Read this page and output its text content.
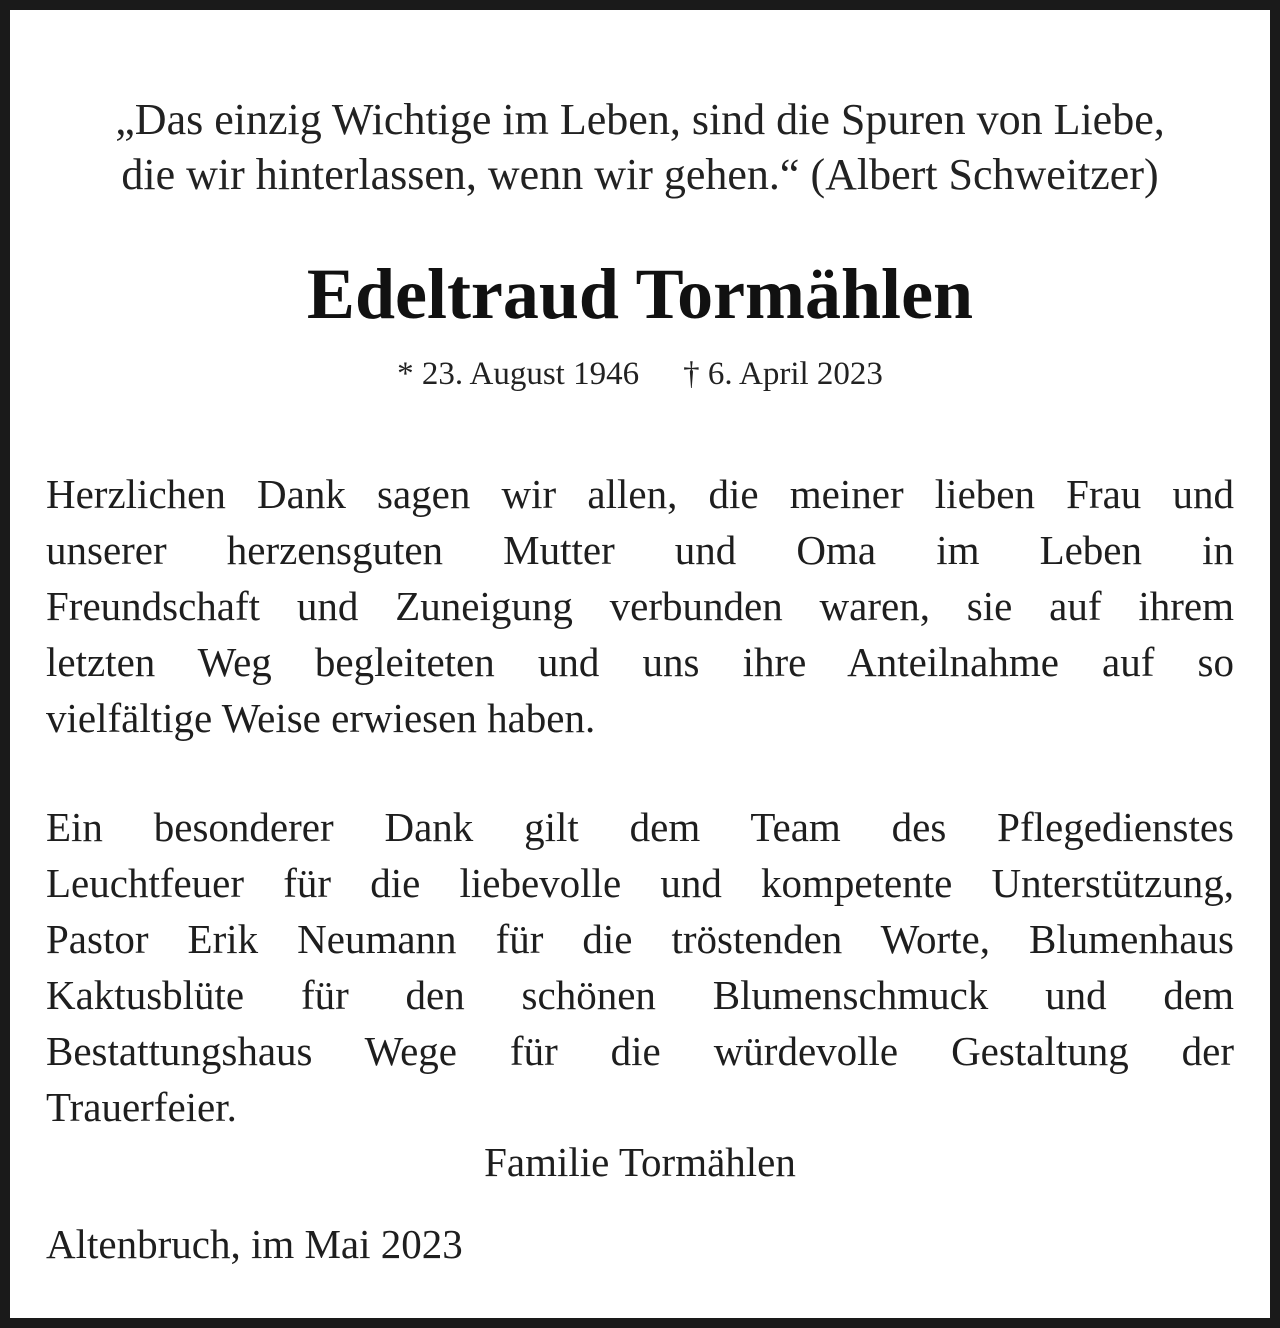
„Das einzig Wichtige im Leben, sind die Spuren von Liebe,
die wir hinterlassen, wenn wir gehen.“ (Albert Schweitzer)
Edeltraud Tormählen
* 23. August 1946 † 6. April 2023
Herzlichen Dank sagen wir allen, die meiner lieben Frau und
unserer herzensguten Mutter und Oma im Leben in
Freundschaft und Zuneigung verbunden waren, sie auf ihrem
letzten Weg begleiteten und uns ihre Anteilnahme auf so
vielfältige Weise erwiesen haben.
Ein besonderer Dank gilt dem Team des Pflegedienstes
Leuchtfeuer für die liebevolle und kompetente Unterstützung,
Pastor Erik Neumann für die tröstenden Worte, Blumenhaus
Kaktusblüte für den schönen Blumenschmuck und dem
Bestattungshaus Wege für die würdevolle Gestaltung der
Trauerfeier.
Familie Tormählen
Altenbruch, im Mai 2023
